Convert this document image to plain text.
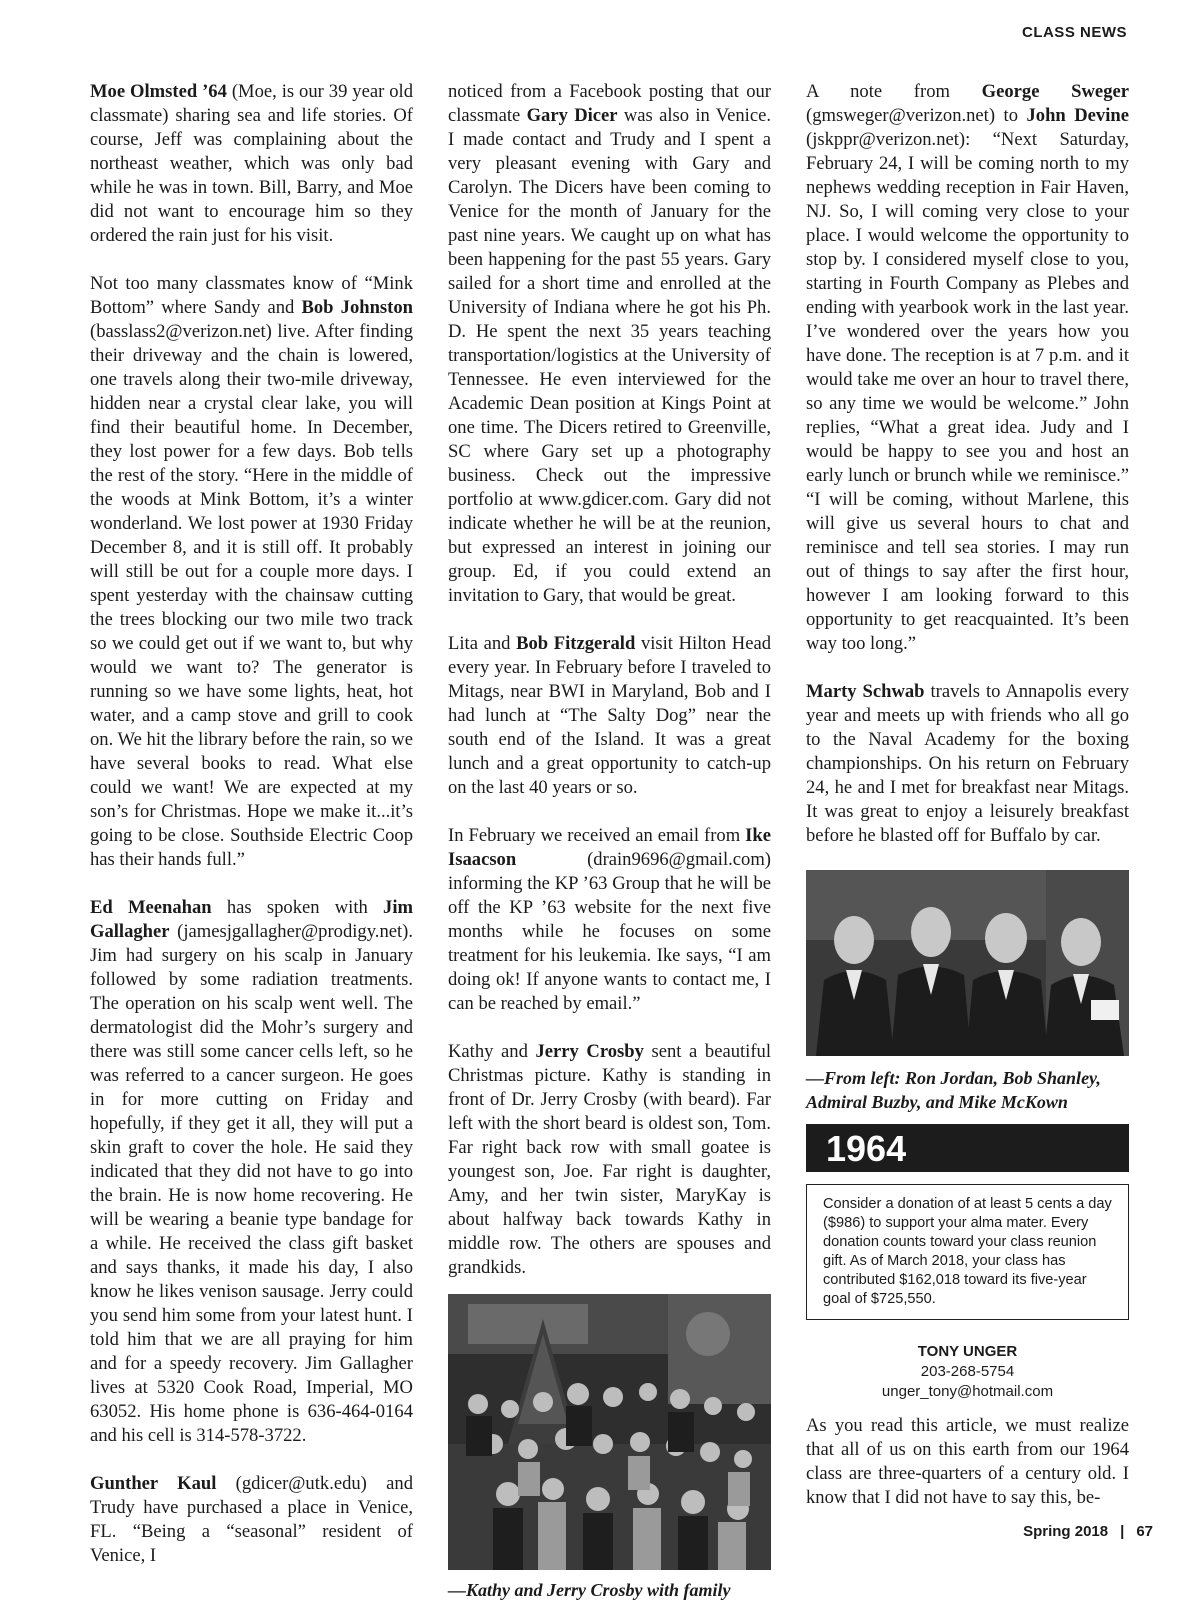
CLASS NEWS

Moe Olmsted ’64 (Moe, is our 39 year old classmate) sharing sea and life stories. Of course, Jeff was complaining about the northeast weather, which was only bad while he was in town. Bill, Barry, and Moe did not want to encourage him so they ordered the rain just for his visit.

Not too many classmates know of “Mink Bottom” where Sandy and Bob Johnston (basslass2@verizon.net) live. After finding their driveway and the chain is lowered, one travels along their two-mile driveway, hidden near a crystal clear lake, you will find their beautiful home. In December, they lost power for a few days. Bob tells the rest of the story. “Here in the middle of the woods at Mink Bottom, it’s a winter wonderland. We lost power at 1930 Friday December 8, and it is still off. It probably will still be out for a couple more days. I spent yesterday with the chainsaw cutting the trees blocking our two mile two track so we could get out if we want to, but why would we want to? The generator is running so we have some lights, heat, hot water, and a camp stove and grill to cook on. We hit the library before the rain, so we have several books to read. What else could we want! We are expected at my son’s for Christmas. Hope we make it...it’s going to be close. Southside Electric Coop has their hands full.”

Ed Meenahan has spoken with Jim Gallagher (jamesjgallagher@prodigy.net). Jim had surgery on his scalp in January followed by some radiation treatments. The operation on his scalp went well. The dermatologist did the Mohr’s surgery and there was still some cancer cells left, so he was referred to a cancer surgeon. He goes in for more cutting on Friday and hopefully, if they get it all, they will put a skin graft to cover the hole. He said they indicated that they did not have to go into the brain. He is now home recovering. He will be wearing a beanie type bandage for a while. He received the class gift basket and says thanks, it made his day, I also know he likes venison sausage. Jerry could you send him some from your latest hunt. I told him that we are all praying for him and for a speedy recovery. Jim Gallagher lives at 5320 Cook Road, Imperial, MO 63052. His home phone is 636-464-0164 and his cell is 314-578-3722.

Gunther Kaul (gdicer@utk.edu) and Trudy have purchased a place in Venice, FL. “Being a “seasonal” resident of Venice, I

noticed from a Facebook posting that our classmate Gary Dicer was also in Venice. I made contact and Trudy and I spent a very pleasant evening with Gary and Carolyn. The Dicers have been coming to Venice for the month of January for the past nine years. We caught up on what has been happening for the past 55 years. Gary sailed for a short time and enrolled at the University of Indiana where he got his Ph. D. He spent the next 35 years teaching transportation/logistics at the University of Tennessee. He even interviewed for the Academic Dean position at Kings Point at one time. The Dicers retired to Greenville, SC where Gary set up a photography business. Check out the impressive portfolio at www.gdicer.com. Gary did not indicate whether he will be at the reunion, but expressed an interest in joining our group. Ed, if you could extend an invitation to Gary, that would be great.

Lita and Bob Fitzgerald visit Hilton Head every year. In February before I traveled to Mitags, near BWI in Maryland, Bob and I had lunch at “The Salty Dog” near the south end of the Island. It was a great lunch and a great opportunity to catch-up on the last 40 years or so.

In February we received an email from Ike Isaacson (drain9696@gmail.com) informing the KP ’63 Group that he will be off the KP ’63 website for the next five months while he focuses on some treatment for his leukemia. Ike says, “I am doing ok! If anyone wants to contact me, I can be reached by email.”

Kathy and Jerry Crosby sent a beautiful Christmas picture. Kathy is standing in front of Dr. Jerry Crosby (with beard). Far left with the short beard is oldest son, Tom. Far right back row with small goatee is youngest son, Joe. Far right is daughter, Amy, and her twin sister, MaryKay is about halfway back towards Kathy in middle row. The others are spouses and grandkids.

—Kathy and Jerry Crosby with family

A note from George Sweger (gmsweger@verizon.net) to John Devine (jskppr@verizon.net): “Next Saturday, February 24, I will be coming north to my nephews wedding reception in Fair Haven, NJ. So, I will coming very close to your place. I would welcome the opportunity to stop by. I considered myself close to you, starting in Fourth Company as Plebes and ending with yearbook work in the last year. I’ve wondered over the years how you have done. The reception is at 7 p.m. and it would take me over an hour to travel there, so any time we would be welcome.” John replies, “What a great idea. Judy and I would be happy to see you and host an early lunch or brunch while we reminisce.” “I will be coming, without Marlene, this will give us several hours to chat and reminisce and tell sea stories. I may run out of things to say after the first hour, however I am looking forward to this opportunity to get reacquainted. It’s been way too long.”

Marty Schwab travels to Annapolis every year and meets up with friends who all go to the Naval Academy for the boxing championships. On his return on February 24, he and I met for breakfast near Mitags. It was great to enjoy a leisurely breakfast before he blasted off for Buffalo by car.

—From left: Ron Jordan, Bob Shanley, Admiral Buzby, and Mike McKown
1964
Consider a donation of at least 5 cents a day ($986) to support your alma mater. Every donation counts toward your class reunion gift. As of March 2018, your class has contributed $162,018 toward its five-year goal of $725,550.
TONY UNGER
203-268-5754
unger_tony@hotmail.com

As you read this article, we must realize that all of us on this earth from our 1964 class are three-quarters of a century old. I know that I did not have to say this, be-

Spring 2018 | 67
